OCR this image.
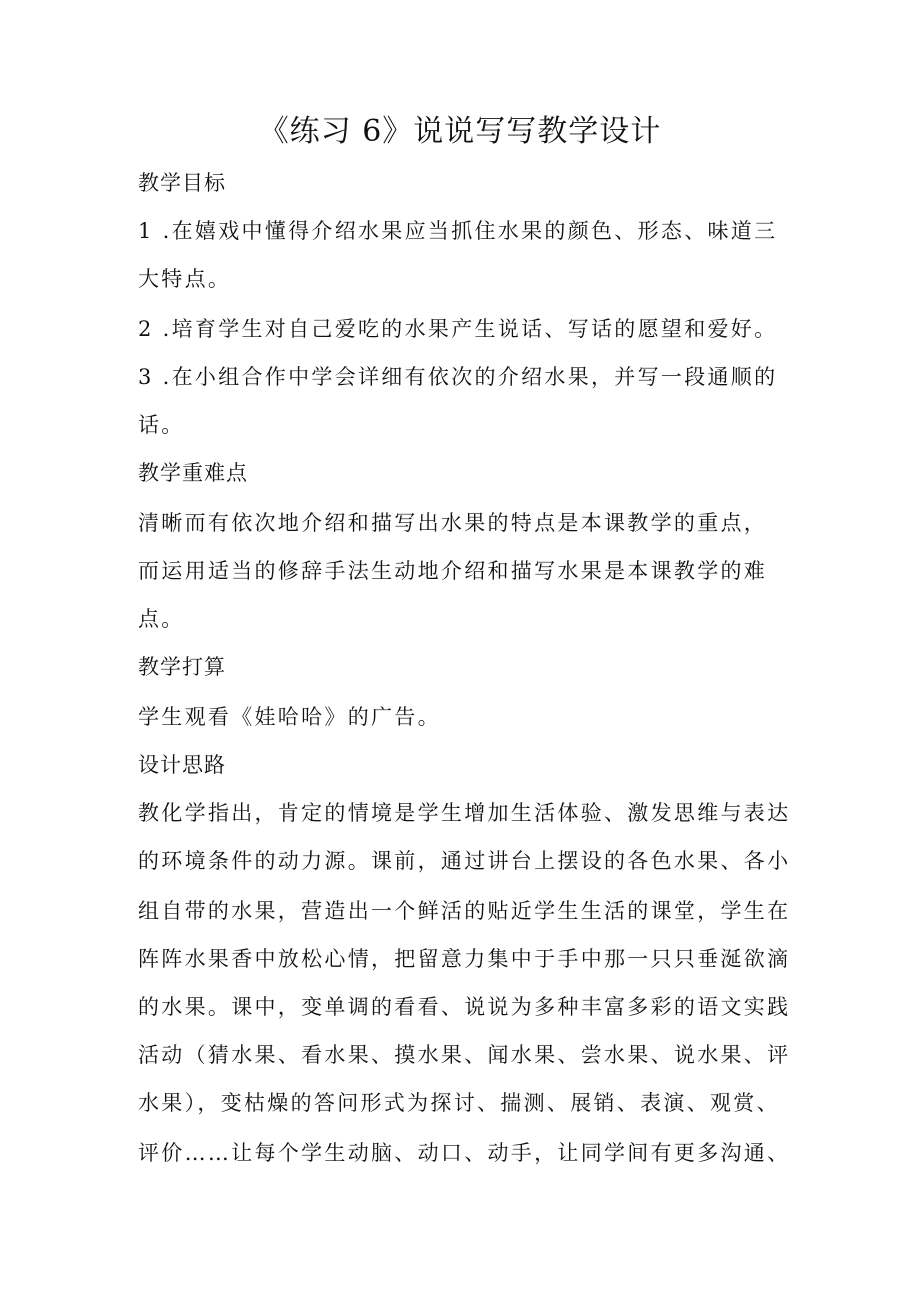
《练习 6》说说写写教学设计
教学目标
1 .在嬉戏中懂得介绍水果应当抓住水果的颜色、形态、味道三
大特点。
2 .培育学生对自己爱吃的水果产生说话、写话的愿望和爱好。
3 .在小组合作中学会详细有依次的介绍水果，并写一段通顺的
话。
教学重难点
清晰而有依次地介绍和描写出水果的特点是本课教学的重点，
而运用适当的修辞手法生动地介绍和描写水果是本课教学的难
点。
教学打算
学生观看《娃哈哈》的广告。
设计思路
教化学指出，肯定的情境是学生增加生活体验、激发思维与表达
的环境条件的动力源。课前，通过讲台上摆设的各色水果、各小
组自带的水果，营造出一个鲜活的贴近学生生活的课堂，学生在
阵阵水果香中放松心情，把留意力集中于手中那一只只垂涎欲滴
的水果。课中，变单调的看看、说说为多种丰富多彩的语文实践
活动（猜水果、看水果、摸水果、闻水果、尝水果、说水果、评
水果），变枯燥的答问形式为探讨、揣测、展销、表演、观赏、
评价……让每个学生动脑、动口、动手，让同学间有更多沟通、
